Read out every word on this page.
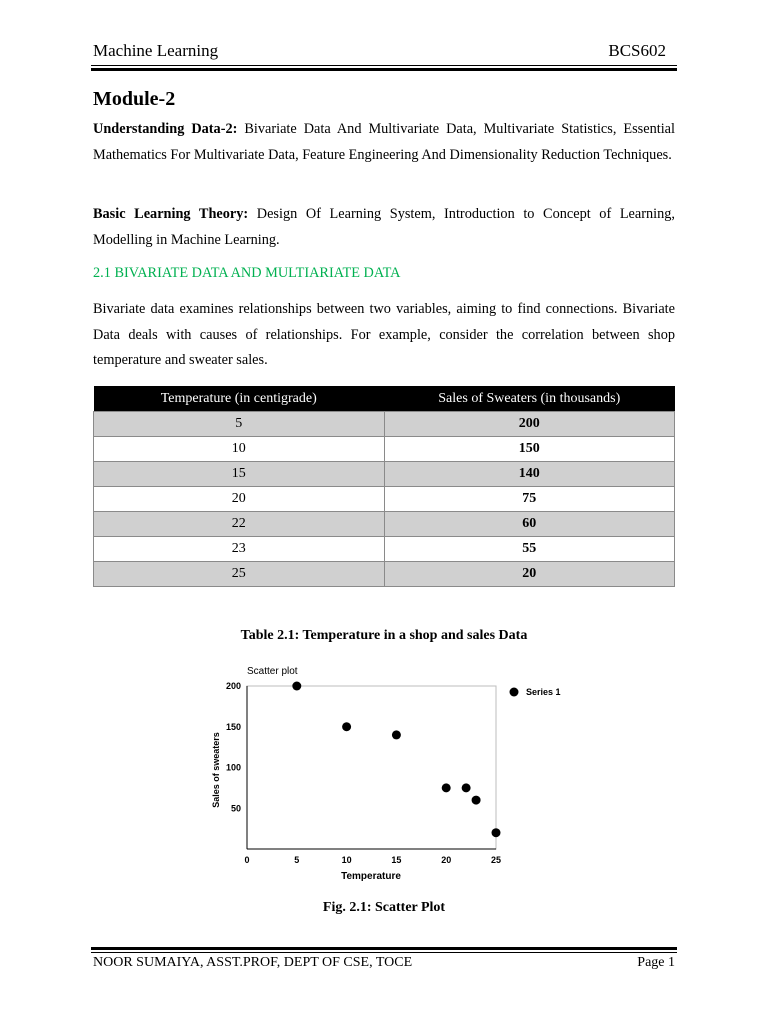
Machine Learning	BCS602
Module-2

Understanding Data-2: Bivariate Data And Multivariate Data, Multivariate Statistics, Essential Mathematics For Multivariate Data, Feature Engineering And Dimensionality Reduction Techniques.

Basic Learning Theory: Design Of Learning System, Introduction to Concept of Learning, Modelling in Machine Learning.

2.1 BIVARIATE DATA AND MULTIARIATE DATA

Bivariate data examines relationships between two variables, aiming to find connections. Bivariate Data deals with causes of relationships. For example, consider the correlation between shop temperature and sweater sales.

Temperature (in centigrade)	Sales of Sweaters (in thousands)
5	200
10	150
15	140
20	75
22	60
23	55
25	20
Table 2.1: Temperature in a shop and sales Data
Scatter plot
Sales of sweaters
Temperature
0	5	10	15	20	25
50
100
150
200
Series 1
Fig. 2.1: Scatter Plot
NOOR SUMAIYA, ASST.PROF, DEPT OF CSE, TOCE	Page 1
